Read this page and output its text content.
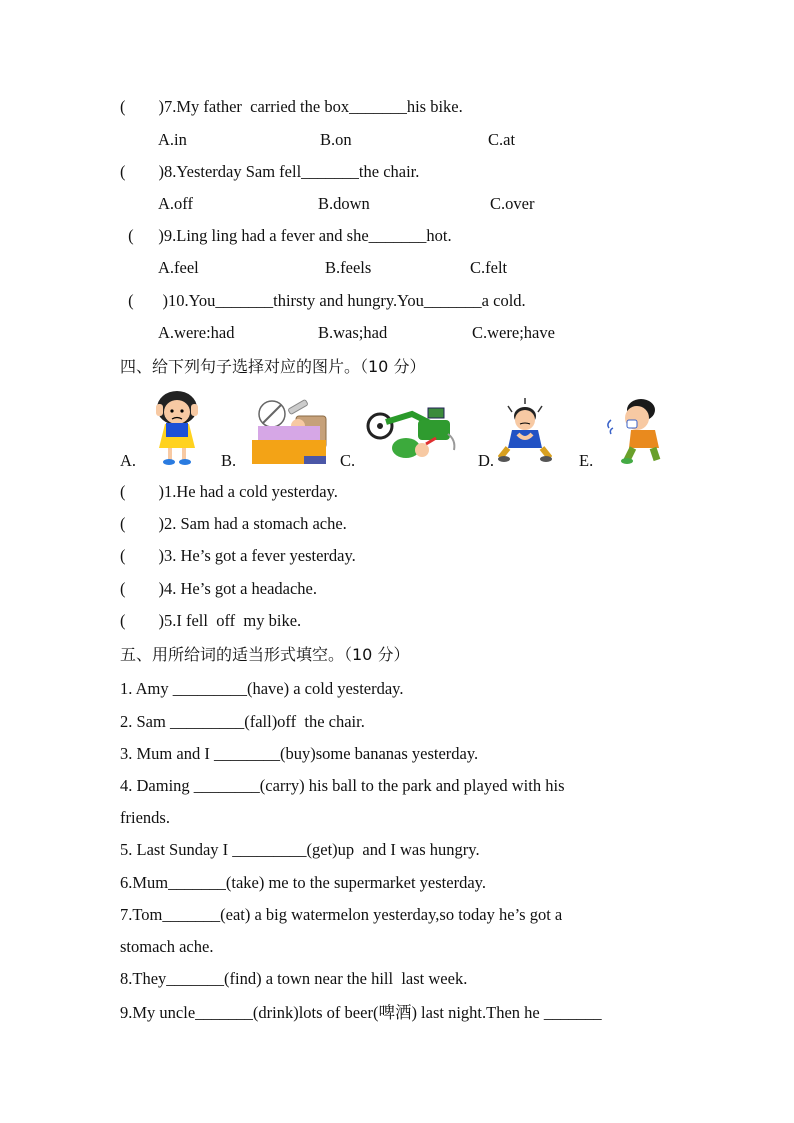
(        )7.My father  carried the box_______his bike.
A.in	B.on	C.at
(        )8.Yesterday Sam fell_______the chair.
A.off	B.down	C.over
(      )9.Ling ling had a fever and she_______hot.
A.feel	B.feels	C.felt
(       )10.You_______thirsty and hungry.You_______a cold.
A.were:had	B.was;had	C.were;have
四、给下列句子选择对应的图片。（10 分）
A.	B.	C.	D.	E.
(        )1.He had a cold yesterday.
(        )2. Sam had a stomach ache.
(        )3. He’s got a fever yesterday.
(        )4. He’s got a headache.
(        )5.I fell  off  my bike.
五、用所给词的适当形式填空。（10 分）
1. Amy _________(have) a cold yesterday.
2. Sam _________(fall)off  the chair.
3. Mum and I ________(buy)some bananas yesterday.
4. Daming ________(carry) his ball to the park and played with his
friends.
5. Last Sunday I _________(get)up  and I was hungry.
6.Mum_______(take) me to the supermarket yesterday.
7.Tom_______(eat) a big watermelon yesterday,so today he’s got a
stomach ache.
8.They_______(find) a town near the hill  last week.
9.My uncle_______(drink)lots of beer(啤酒) last night.Then he _______
